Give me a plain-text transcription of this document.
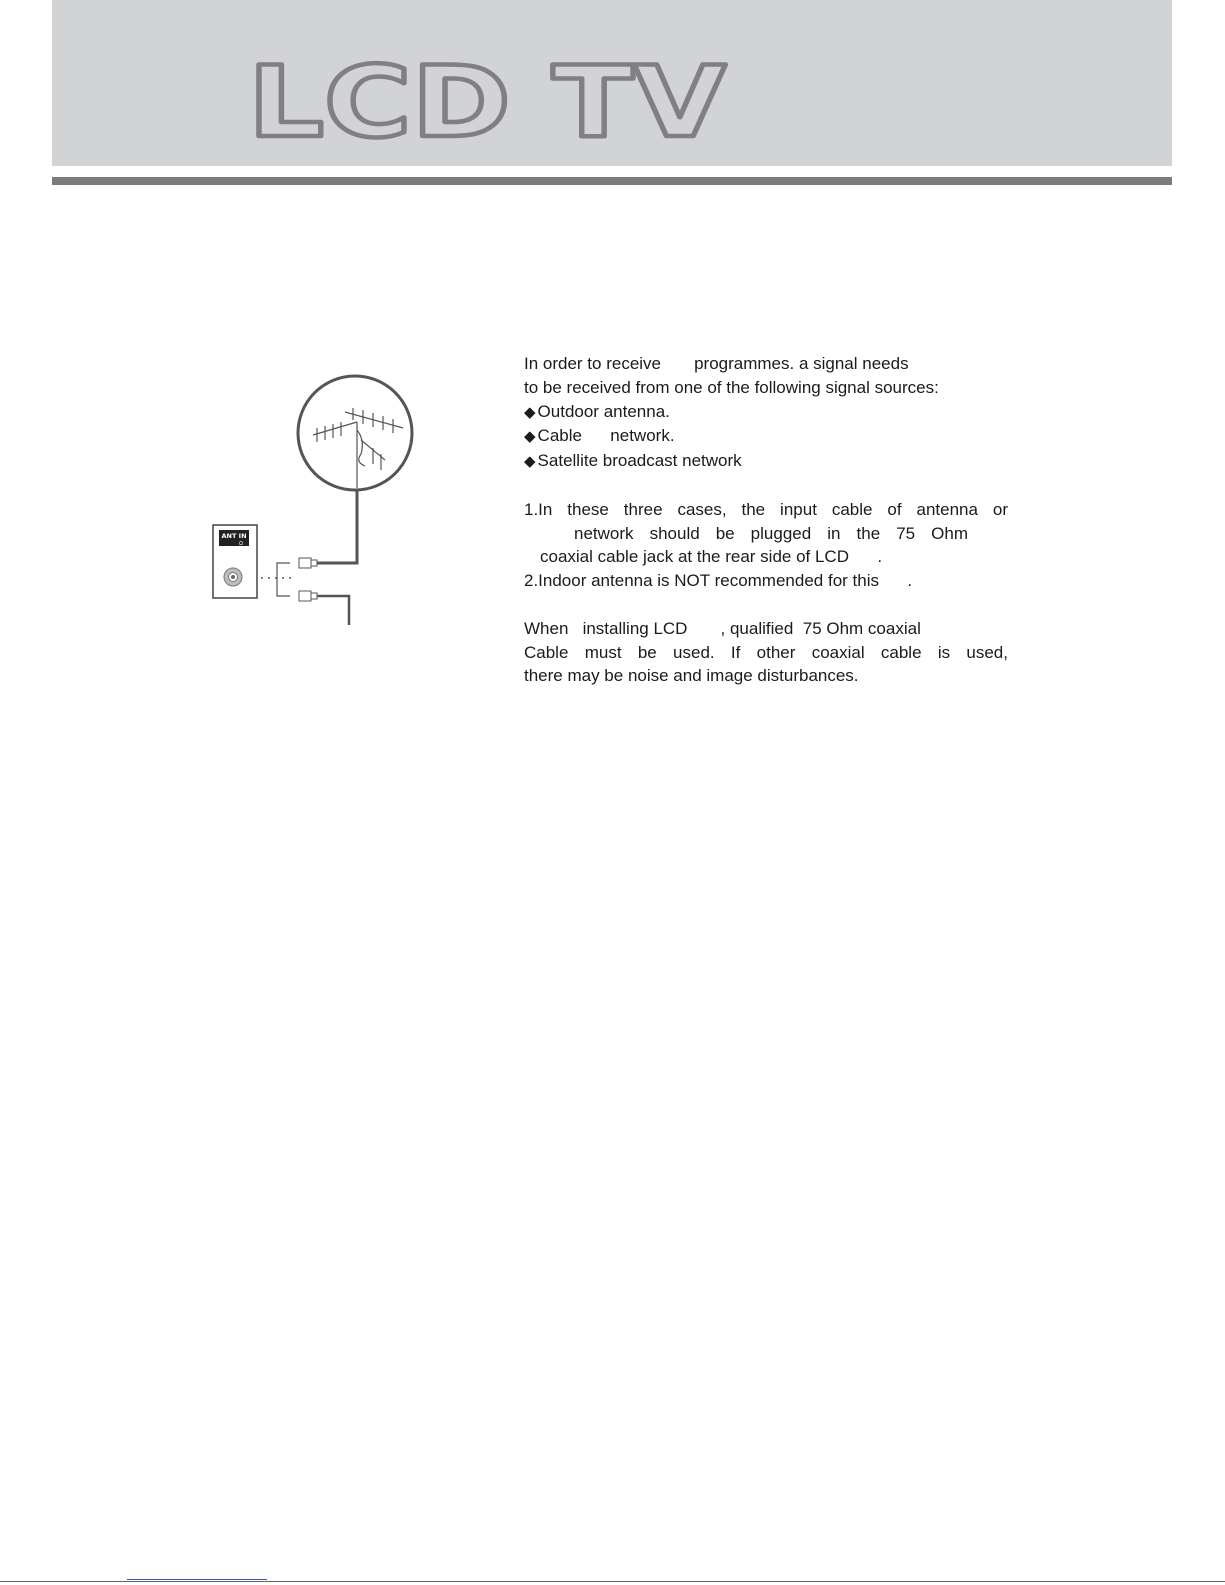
LCD TV
ANT IN
Ω
In order to receive       programmes. a signal needs
to be received from one of the following signal sources:
◆ Outdoor antenna.
◆ Cable      network.
◆ Satellite broadcast network
1.In these three cases, the input cable of antenna or
network should be plugged in the 75 Ohm
coaxial cable jack at the rear side of LCD      .
2.Indoor antenna is NOT recommended for this      .
When   installing LCD       , qualified  75 Ohm coaxial
Cable must be used. If other coaxial cable is used,
there may be noise and image disturbances.
